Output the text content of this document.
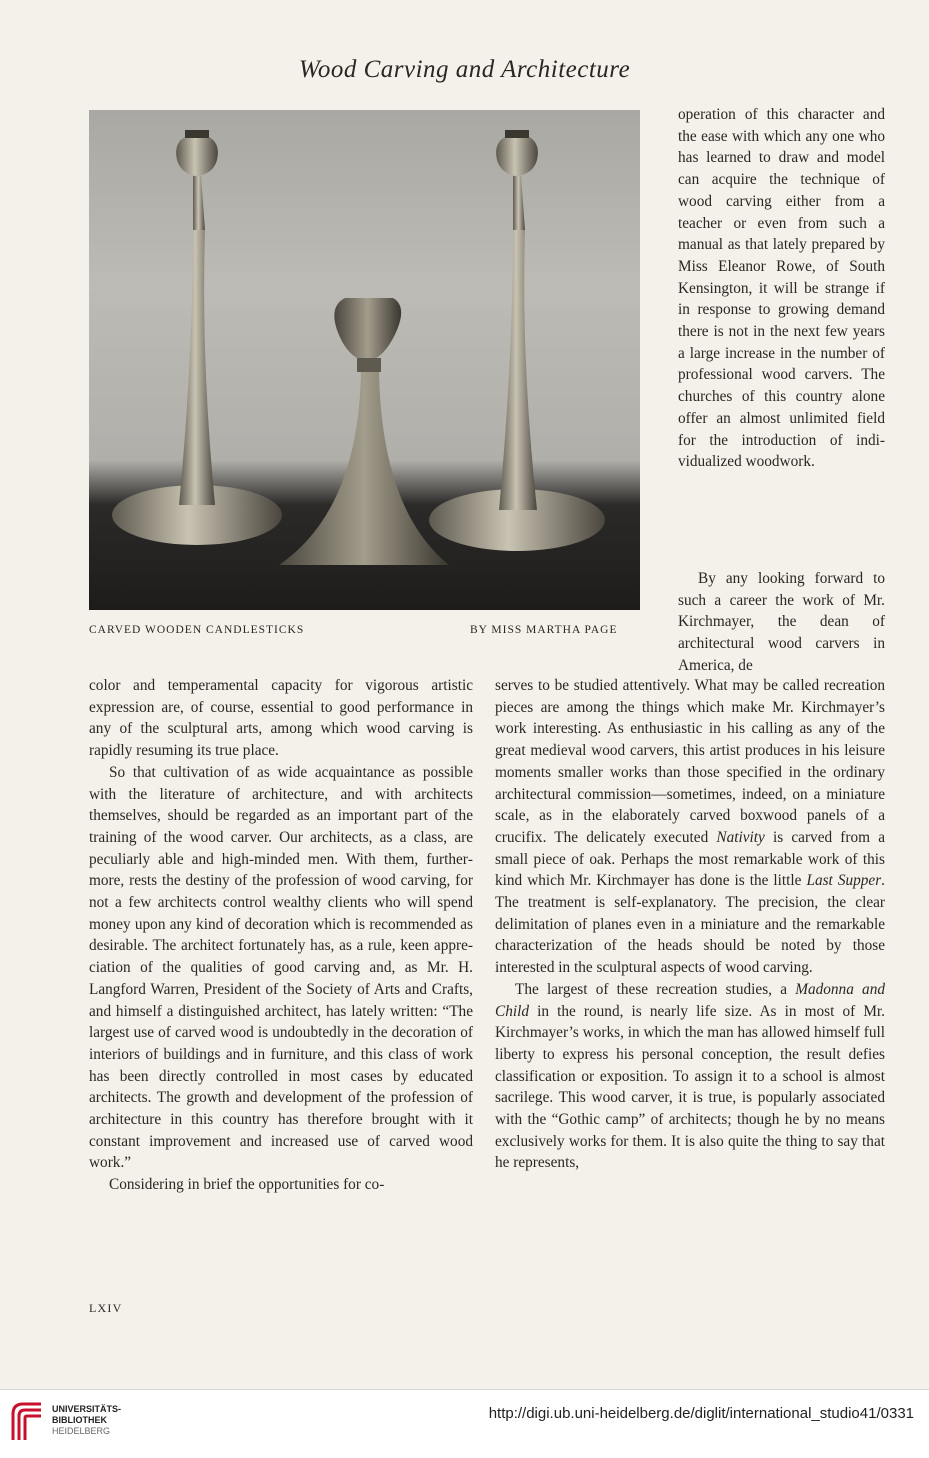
Wood Carving and Architecture
CARVED WOODEN CANDLESTICKS	BY MISS MARTHA PAGE

operation of this character and the ease with which any one who has learned to draw and model can acquire the technique of wood carving either from a teacher or even from such a manual as that lately prepared by Miss Eleanor Rowe, of South Kensington, it will be strange if in response to growing demand there is not in the next few years a large increase in the number of professional wood carvers. The churches of this country alone offer an almost unlimited field for the introduction of individualized woodwork.

By any looking forward to such a career the work of Mr. Kirchmayer, the dean of architectural wood carvers in America, de

color and temperamental capacity for vigorous artistic expression are, of course, essential to good performance in any of the sculptural arts, among which wood carving is rapidly resuming its true place.

So that cultivation of as wide acquaintance as possible with the literature of architecture, and with architects themselves, should be regarded as an important part of the training of the wood carver. Our architects, as a class, are peculiarly able and high-minded men. With them, furthermore, rests the destiny of the profession of wood carving, for not a few architects control wealthy clients who will spend money upon any kind of decoration which is recommended as desirable. The architect fortunately has, as a rule, keen appreciation of the qualities of good carving and, as Mr. H. Langford Warren, President of the Society of Arts and Crafts, and himself a distinguished architect, has lately written: “The largest use of carved wood is undoubtedly in the decoration of interiors of buildings and in furniture, and this class of work has been directly controlled in most cases by educated architects. The growth and development of the profession of architecture in this country has therefore brought with it constant improvement and increased use of carved wood work.”

Considering in brief the opportunities for co-

serves to be studied attentively. What may be called recreation pieces are among the things which make Mr. Kirchmayer’s work interesting. As enthusiastic in his calling as any of the great medieval wood carvers, this artist produces in his leisure moments smaller works than those specified in the ordinary architectural commission—sometimes, indeed, on a miniature scale, as in the elaborately carved boxwood panels of a crucifix. The delicately executed Nativity is carved from a small piece of oak. Perhaps the most remarkable work of this kind which Mr. Kirchmayer has done is the little Last Supper. The treatment is self-explanatory. The precision, the clear delimitation of planes even in a miniature and the remarkable characterization of the heads should be noted by those interested in the sculptural aspects of wood carving.

The largest of these recreation studies, a Madonna and Child in the round, is nearly life size. As in most of Mr. Kirchmayer’s works, in which the man has allowed himself full liberty to express his personal conception, the result defies classification or exposition. To assign it to a school is almost sacrilege. This wood carver, it is true, is popularly associated with the “Gothic camp” of architects; though he by no means exclusively works for them. It is also quite the thing to say that he represents,

LXIV
UNIVERSITÄTS-
BIBLIOTHEK
HEIDELBERG
http://digi.ub.uni-heidelberg.de/diglit/international_studio41/0331
